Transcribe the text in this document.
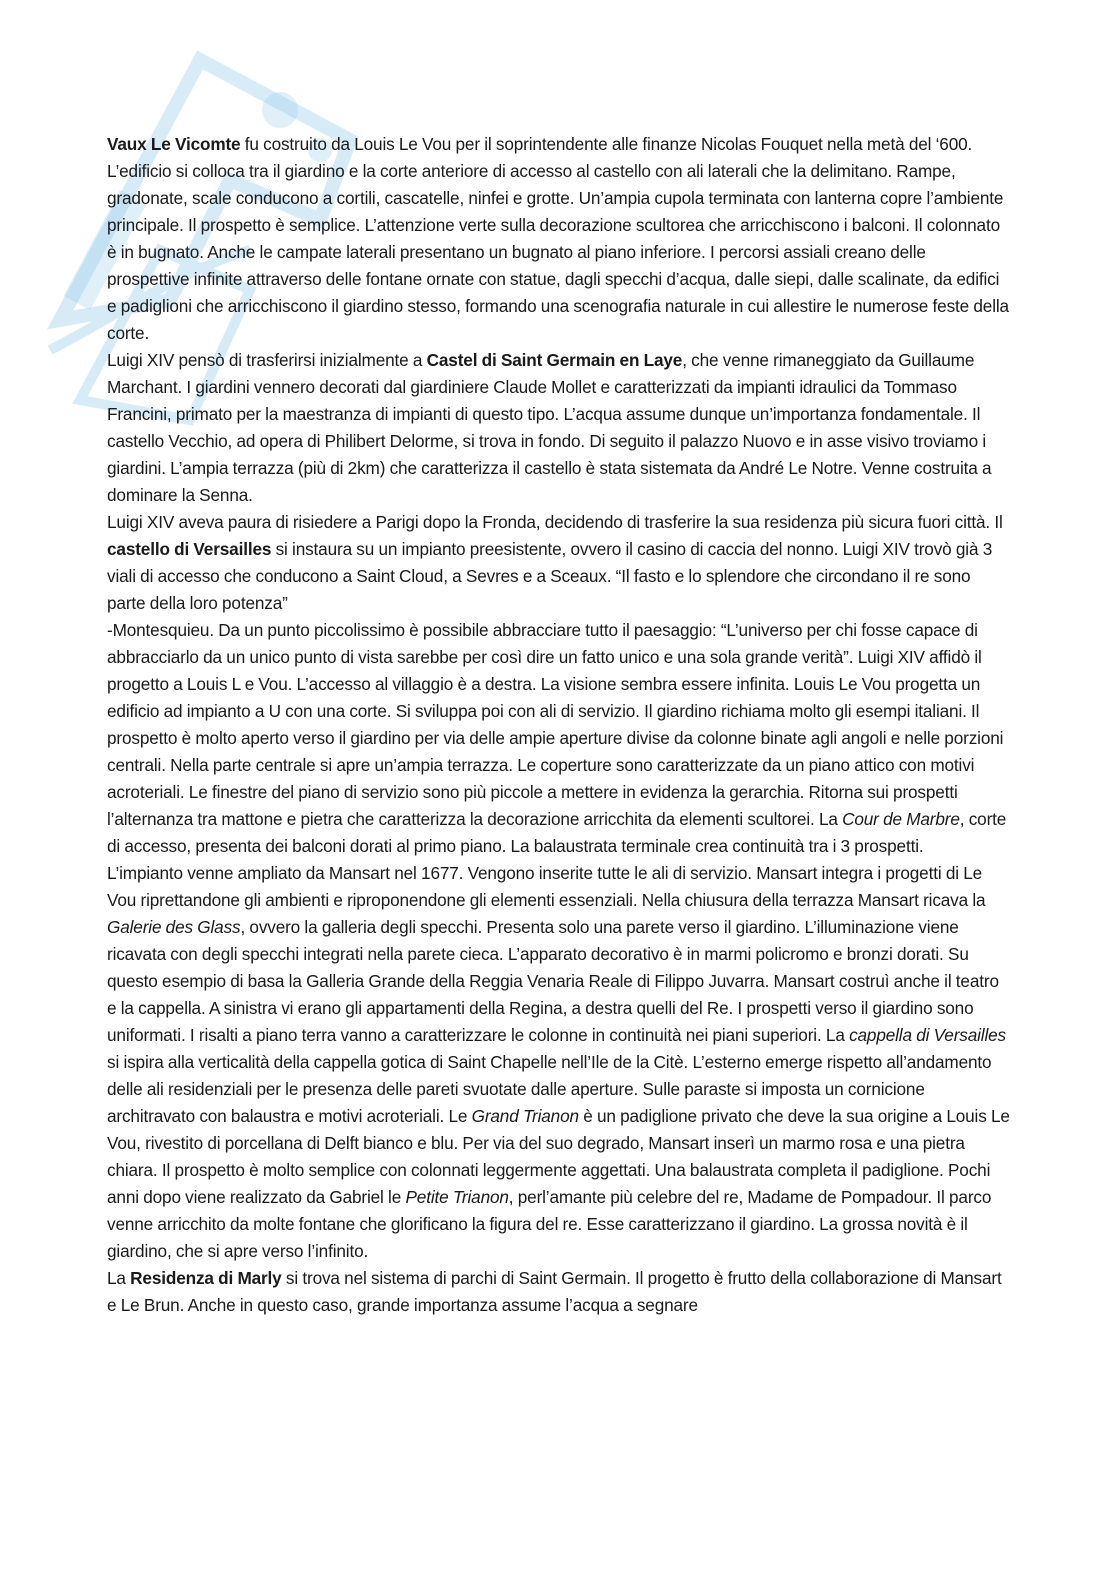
Vaux Le Vicomte fu costruito da Louis Le Vou per il soprintendente alle finanze Nicolas Fouquet nella metà del ‘600. L’edificio si colloca tra il giardino e la corte anteriore di accesso al castello con ali laterali che la delimitano. Rampe, gradonate, scale conducono a cortili, cascatelle, ninfei e grotte. Un’ampia cupola terminata con lanterna copre l’ambiente principale. Il prospetto è semplice. L’attenzione verte sulla decorazione scultorea che arricchiscono i balconi. Il colonnato è in bugnato. Anche le campate laterali presentano un bugnato al piano inferiore. I percorsi assiali creano delle prospettive infinite attraverso delle fontane ornate con statue, dagli specchi d’acqua, dalle siepi, dalle scalinate, da edifici e padiglioni che arricchiscono il giardino stesso, formando una scenografia naturale in cui allestire le numerose feste della corte.

Luigi XIV pensò di trasferirsi inizialmente a Castel di Saint Germain en Laye, che venne rimaneggiato da Guillaume Marchant. I giardini vennero decorati dal giardiniere Claude Mollet e caratterizzati da impianti idraulici da Tommaso Francini, primato per la maestranza di impianti di questo tipo. L’acqua assume dunque un’importanza fondamentale. Il castello Vecchio, ad opera di Philibert Delorme, si trova in fondo. Di seguito il palazzo Nuovo e in asse visivo troviamo i giardini. L’ampia terrazza (più di 2km) che caratterizza il castello è stata sistemata da André Le Notre. Venne costruita a dominare la Senna.

Luigi XIV aveva paura di risiedere a Parigi dopo la Fronda, decidendo di trasferire la sua residenza più sicura fuori città. Il castello di Versailles si instaura su un impianto preesistente, ovvero il casino di caccia del nonno. Luigi XIV trovò già 3 viali di accesso che conducono a Saint Cloud, a Sevres e a Sceaux. “Il fasto e lo splendore che circondano il re sono parte della loro potenza”

-Montesquieu. Da un punto piccolissimo è possibile abbracciare tutto il paesaggio: “L’universo per chi fosse capace di abbracciarlo da un unico punto di vista sarebbe per così dire un fatto unico e una sola grande verità”. Luigi XIV affidò il progetto a Louis L e Vou. L’accesso al villaggio è a destra. La visione sembra essere infinita. Louis Le Vou progetta un edificio ad impianto a U con una corte. Si sviluppa poi con ali di servizio. Il giardino richiama molto gli esempi italiani. Il prospetto è molto aperto verso il giardino per via delle ampie aperture divise da colonne binate agli angoli e nelle porzioni centrali. Nella parte centrale si apre un’ampia terrazza. Le coperture sono caratterizzate da un piano attico con motivi acroteriali. Le finestre del piano di servizio sono più piccole a mettere in evidenza la gerarchia. Ritorna sui prospetti l’alternanza tra mattone e pietra che caratterizza la decorazione arricchita da elementi scultorei. La Cour de Marbre, corte di accesso, presenta dei balconi dorati al primo piano. La balaustrata terminale crea continuità tra i 3 prospetti.

L’impianto venne ampliato da Mansart nel 1677. Vengono inserite tutte le ali di servizio. Mansart integra i progetti di Le Vou riprettandone gli ambienti e riproponendone gli elementi essenziali. Nella chiusura della terrazza Mansart ricava la Galerie des Glass, ovvero la galleria degli specchi. Presenta solo una parete verso il giardino. L’illuminazione viene ricavata con degli specchi integrati nella parete cieca. L’apparato decorativo è in marmi policromo e bronzi dorati. Su questo esempio di basa la Galleria Grande della Reggia Venaria Reale di Filippo Juvarra. Mansart costruì anche il teatro e la cappella. A sinistra vi erano gli appartamenti della Regina, a destra quelli del Re. I prospetti verso il giardino sono uniformati. I risalti a piano terra vanno a caratterizzare le colonne in continuità nei piani superiori. La cappella di Versailles si ispira alla verticalità della cappella gotica di Saint Chapelle nell’Ile de la Citè. L’esterno emerge rispetto all’andamento delle ali residenziali per le presenza delle pareti svuotate dalle aperture. Sulle paraste si imposta un cornicione architravato con balaustra e motivi acroteriali. Le Grand Trianon è un padiglione privato che deve la sua origine a Louis Le Vou, rivestito di porcellana di Delft bianco e blu. Per via del suo degrado, Mansart inserì un marmo rosa e una pietra chiara. Il prospetto è molto semplice con colonnati leggermente aggettati. Una balaustrata completa il padiglione. Pochi anni dopo viene realizzato da Gabriel le Petite Trianon, perl’amante più celebre del re, Madame de Pompadour. Il parco venne arricchito da molte fontane che glorificano la figura del re. Esse caratterizzano il giardino. La grossa novità è il giardino, che si apre verso l’infinito.

La Residenza di Marly si trova nel sistema di parchi di Saint Germain. Il progetto è frutto della collaborazione di Mansart e Le Brun. Anche in questo caso, grande importanza assume l’acqua a segnare
